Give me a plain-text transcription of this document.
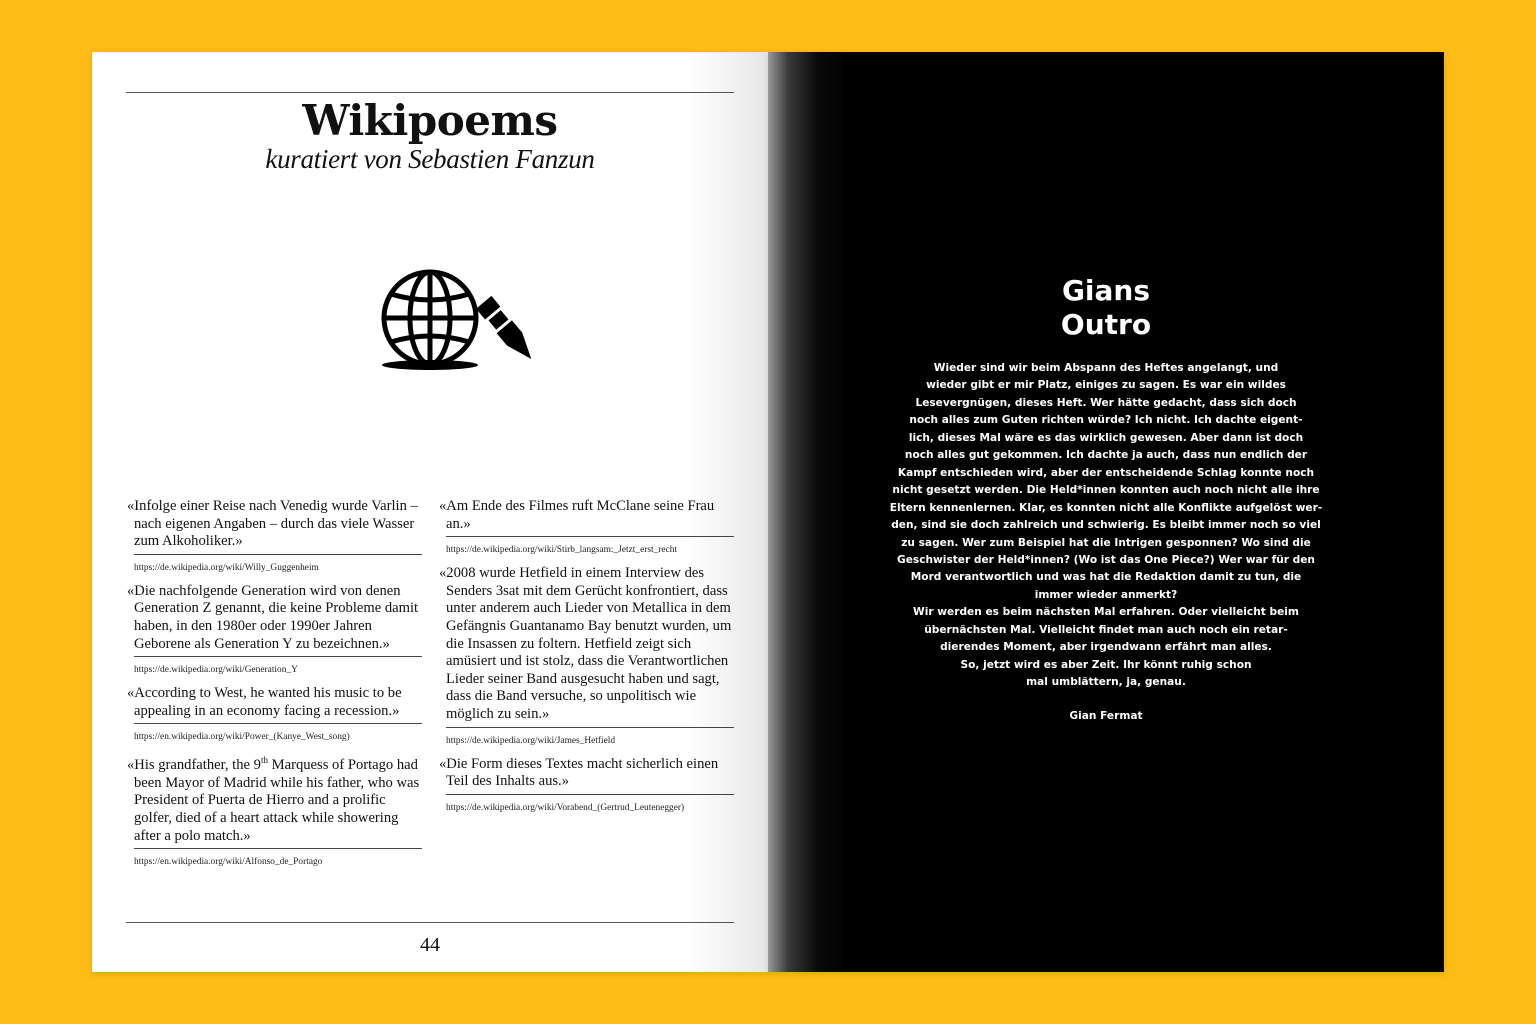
Wikipoems
kuratiert von Sebastien Fanzun

«Infolge einer Reise nach Venedig wurde Varlin – nach eigenen Angaben – durch das viele Wasser zum Alkoholiker.»

https://de.wikipedia.org/wiki/Willy_Guggenheim

«Die nachfolgende Generation wird von denen Generation Z genannt, die keine Probleme damit haben, in den 1980er oder 1990er Jahren Geborene als Generation Y zu bezeichnen.»

https://de.wikipedia.org/wiki/Generation_Y

«According to West, he wanted his music to be appealing in an economy facing a recession.»

https://en.wikipedia.org/wiki/Power_(Kanye_West_song)

«His grandfather, the 9th Marquess of Portago had been Mayor of Madrid while his father, who was President of Puerta de Hierro and a prolific golfer, died of a heart attack while showering after a polo match.»

https://en.wikipedia.org/wiki/Alfonso_de_Portago

«Am Ende des Filmes ruft McClane seine Frau an.»

https://de.wikipedia.org/wiki/Stirb_langsam:_Jetzt_erst_recht

«2008 wurde Hetfield in einem Interview des Senders 3sat mit dem Gerücht konfrontiert, dass unter anderem auch Lieder von Metallica in dem Gefängnis Guantanamo Bay benutzt wurden, um die Insassen zu foltern. Hetfield zeigt sich amüsiert und ist stolz, dass die Verantwortlichen Lieder seiner Band ausgesucht haben und sagt, dass die Band versuche, so unpolitisch wie möglich zu sein.»

https://de.wikipedia.org/wiki/James_Hetfield

«Die Form dieses Textes macht sicherlich einen Teil des Inhalts aus.»

https://de.wikipedia.org/wiki/Vorabend_(Gertrud_Leutenegger)
44
Gians
Outro
Wieder sind wir beim Abspann des Heftes angelangt, und
wieder gibt er mir Platz, einiges zu sagen. Es war ein wildes
Lesevergnügen, dieses Heft. Wer hätte gedacht, dass sich doch
noch alles zum Guten richten würde? Ich nicht. Ich dachte eigent-
lich, dieses Mal wäre es das wirklich gewesen. Aber dann ist doch
noch alles gut gekommen. Ich dachte ja auch, dass nun endlich der
Kampf entschieden wird, aber der entscheidende Schlag konnte noch
nicht gesetzt werden. Die Held*innen konnten auch noch nicht alle ihre
Eltern kennenlernen. Klar, es konnten nicht alle Konflikte aufgelöst wer-
den, sind sie doch zahlreich und schwierig. Es bleibt immer noch so viel
zu sagen. Wer zum Beispiel hat die Intrigen gesponnen? Wo sind die
Geschwister der Held*innen? (Wo ist das One Piece?) Wer war für den
Mord verantwortlich und was hat die Redaktion damit zu tun, die
immer wieder anmerkt?
Wir werden es beim nächsten Mal erfahren. Oder vielleicht beim
übernächsten Mal. Vielleicht findet man auch noch ein retar-
dierendes Moment, aber irgendwann erfährt man alles.
So, jetzt wird es aber Zeit. Ihr könnt ruhig schon
mal umblättern, ja, genau.
Gian Fermat
